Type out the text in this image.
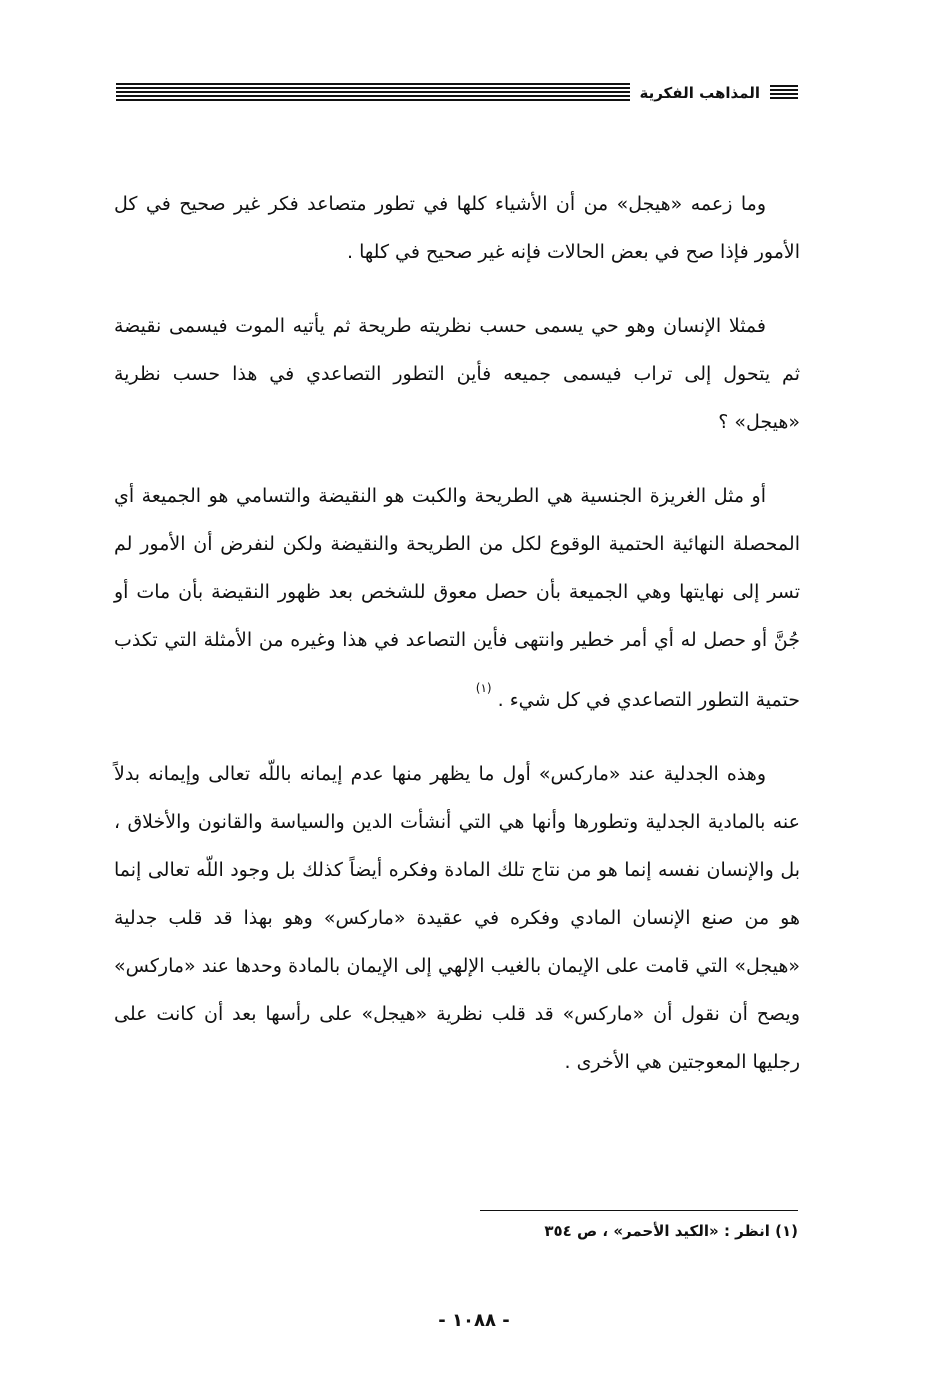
المذاهب الفكرية

وما زعمه «هيجل» من أن الأشياء كلها في تطور متصاعد فكر غير صحيح في كل الأمور فإذا صح في بعض الحالات فإنه غير صحيح في كلها .

فمثلا الإنسان وهو حي يسمى حسب نظريته طريحة ثم يأتيه الموت فيسمى نقيضة ثم يتحول إلى تراب فيسمى جميعه فأين التطور التصاعدي في هذا حسب نظرية «هيجل» ؟

أو مثل الغريزة الجنسية هي الطريحة والكبت هو النقيضة والتسامي هو الجميعة أي المحصلة النهائية الحتمية الوقوع لكل من الطريحة والنقيضة ولكن لنفرض أن الأمور لم تسر إلى نهايتها وهي الجميعة بأن حصل معوق للشخص بعد ظهور النقيضة بأن مات أو جُنَّ أو حصل له أي أمر خطير وانتهى فأين التصاعد في هذا وغيره من الأمثلة التي تكذب حتمية التطور التصاعدي في كل شيء . $^{(١)}$

وهذه الجدلية عند «ماركس» أول ما يظهر منها عدم إيمانه باللّه تعالى وإيمانه بدلاً عنه بالمادية الجدلية وتطورها وأنها هي التي أنشأت الدين والسياسة والقانون والأخلاق ، بل والإنسان نفسه إنما هو من نتاج تلك المادة وفكره أيضاً كذلك بل وجود اللّه تعالى إنما هو من صنع الإنسان المادي وفكره في عقيدة «ماركس» وهو بهذا قد قلب جدلية «هيجل» التي قامت على الإيمان بالغيب الإلهي إلى الإيمان بالمادة وحدها عند «ماركس» ويصح أن نقول أن «ماركس» قد قلب نظرية «هيجل» على رأسها بعد أن كانت على رجليها المعوجتين هي الأخرى .

(١) انظر : «الكيد الأحمر» ، ص ٣٥٤
- ١٠٨٨ -
